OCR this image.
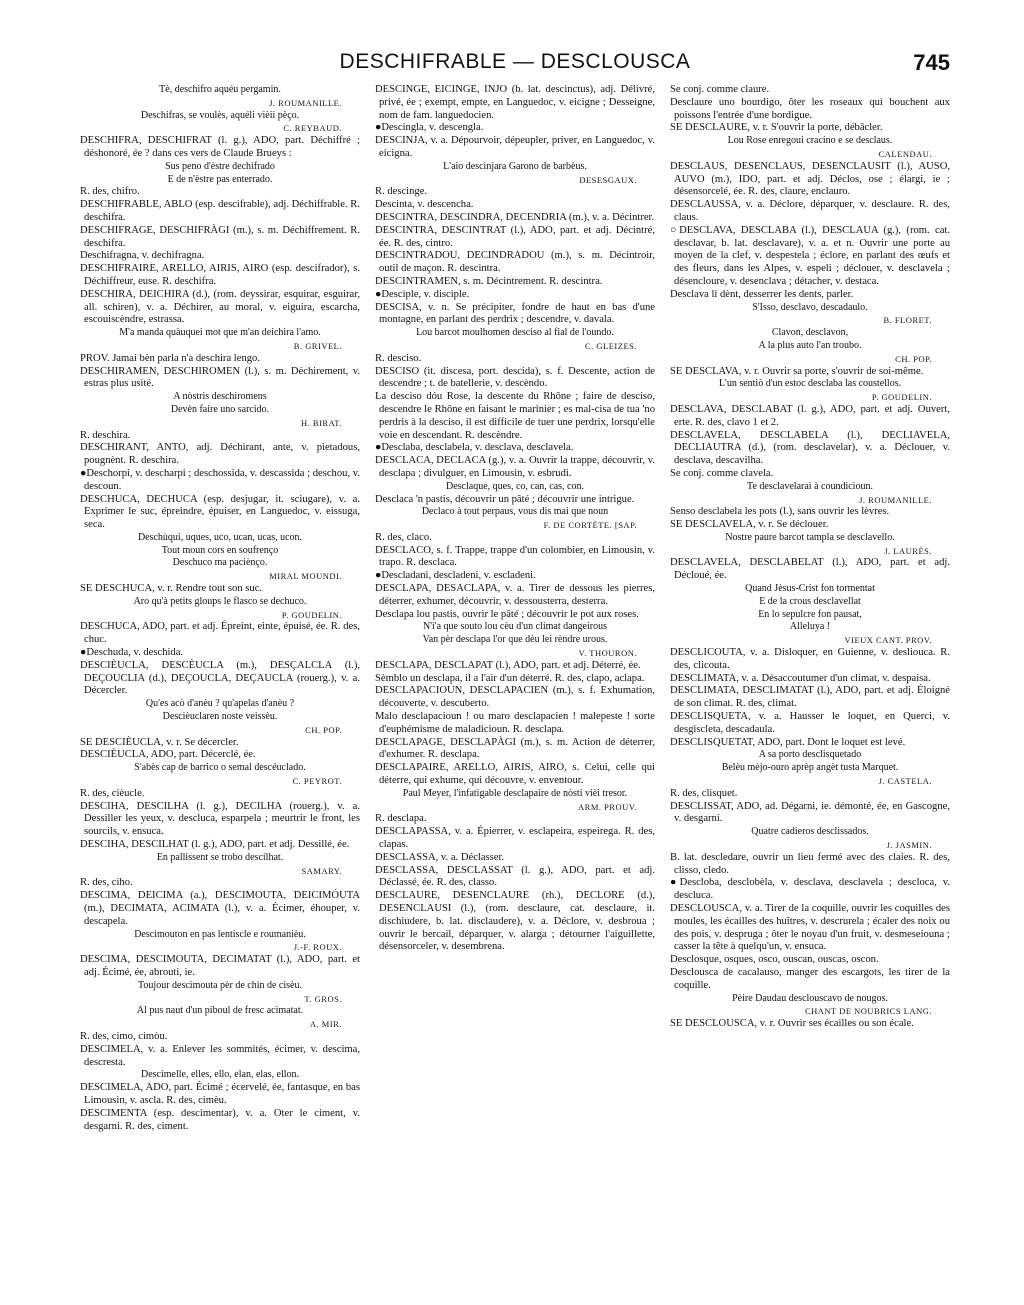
DESCHIFRABLE — DESCLOUSCA	745

Tè, deschifro aquéu pergamin.

J. ROUMANILLE.

Deschifras, se voulès, aquéli vièii pèço.

C. REYBAUD.

DESCHIFRA, DESCHIFRAT (l. g.), ADO, part. Déchiffré ; déshonoré, ée ? dans ces vers de Claude Brueys :

Sus peno d'èstre dechifrado

E de n'èstre pas enterrado.

R. des, chifro.

DESCHIFRABLE, ABLO (esp. descifrable), adj. Déchiffrable. R. deschifra.

DESCHIFRAGE, DESCHIFRÀGI (m.), s. m. Déchiffrement. R. deschifra.

Deschifragna, v. dechifragna.

DESCHIFRAIRE, ARELLO, AIRIS, AIRO (esp. descifrador), s. Déchiffreur, euse. R. deschifra.

DESCHIRA, DEICHIRA (d.), (rom. deyssirar, esquirar, esguirar, all. schiren), v. a. Déchirer, au moral, v. eiguira, escarcha, escouiscèndre, estrassa.

M'a manda quàuquei mot que m'an deichira l'amo.

B. GRIVEL.

PROV. Jamai bèn parla n'a deschira lengo.

DESCHIRAMEN, DESCHIROMEN (l.), s. m. Déchirement, v. estras plus usité.

A nòstris deschiromens

Devèn faire uno sarcido.

H. BIRAT.

R. deschira.

DESCHIRANT, ANTO, adj. Déchirant, ante, v. pietadous, pougnènt. R. deschira.

●Deschorpi, v. descharpi ; deschossida, v. descassida ; deschou, v. descoun.

DESCHUCA, DECHUCA (esp. desjugar, it. sciugare), v. a. Exprimer le suc, épreindre, épuiser, en Languedoc, v. eissuga, seca.

Deschùqui, uques, uco, ucan, ucas, ucon.

Tout moun cors en soufrenço

Deschuco ma paciènço.

MIRAL MOUNDI.

SE DESCHUCA, v. r. Rendre tout son suc.

Aro qu'à petits gloups le flasco se dechuco.

P. GOUDELIN.

DESCHUCA, ADO, part. et adj. Épreint, einte, épuisé, ée. R. des, chuc.

●Deschuda, v. deschida.

DESCIÈUCLA, DESCÈUCLA (m.), DESÇALCLA (l.), DEÇOUCLIA (d.), DEÇOUCLA, DEÇAUCLA (rouerg.), v. a. Décercler.

Qu'es acò d'anèu ? qu'apelas d'anèu ?

Descièuclaren noste veissèu.

CH. POP.

SE DESCIÈUCLA, v. r. Se décercler.

DESCIÈUCLA, ADO, part. Décerclé, ée.

S'abès cap de barrico o semal descéuclado.

C. PEYROT.

R. des, cièucle.

DESCIHA, DESCILHA (l. g.), DECILHA (rouerg.), v. a. Dessiller les yeux, v. descluca, esparpela ; meurtrir le front, les sourcils, v. ensuca.

DESCIHA, DESCILHAT (l. g.), ADO, part. et adj. Dessillé, ée.

En pallissent se trobo descilhat.

SAMARY.

R. des, ciho.

DESCIMA, DEICIMA (a.), DESCIMOUTA, DEICIMÓUTA (m.), DECIMATA, ACIMATA (l.), v. a. Écimer, éhouper, v. descapela.

Descimouton en pas lentiscle e roumanièu.

J.-F. ROUX.

DESCIMA, DESCIMOUTA, DECIMATAT (l.), ADO, part. et adj. Écimé, ée, abrouti, ie.

Toujour descimouta pèr de chin de cisèu.

T. GROS.

Al pus naut d'un piboul de fresc acimatat.

A. MIR.

R. des, cimo, cimòu.

DESCIMELA, v. a. Enlever les sommités, écimer, v. descima, descresta.

Descimelle, elles, ello, elan, elas, ellon.

DESCIMELA, ADO, part. Écimé ; écervelé, ée, fantasque, en bas Limousin, v. ascla. R. des, cimèu.

DESCIMENTA (esp. descimentar), v. a. Oter le ciment, v. desgarni. R. des, ciment.

DESCINGE, EICINGE, INJO (b. lat. descinctus), adj. Délivré, privé, ée ; exempt, empte, en Languedoc, v. eicigne ; Desseigne, nom de fam. languedocien.

●Descingla, v. descengla.

DESCINJA, v. a. Dépourvoir, dépeupler, priver, en Languedoc, v. eicigna.

L'aio descinjara Garono de barbèus.

DESESGAUX.

R. descinge.

Descinta, v. descencha.

DESCINTRA, DESCINDRA, DECENDRIA (m.), v. a. Décintrer.

DESCINTRA, DESCINTRAT (l.), ADO, part. et adj. Décintré, ée. R. des, cintro.

DESCINTRADOU, DECINDRADOU (m.), s. m. Décintroir, outil de maçon. R. descintra.

DESCINTRAMEN, s. m. Décintrement. R. descintra.

●Desciple, v. disciple.

DESCISA, v. n. Se précipiter, fondre de haut en bas d'une montagne, en parlant des perdrix ; descendre, v. davala.

Lou barcot moulhomen desciso al fial de l'oundo.

C. GLEIZES.

R. desciso.

DESCISO (it. discesa, port. descida), s. f. Descente, action de descendre ; t. de batellerie, v. descèndo.

La desciso dóu Rose, la descente du Rhône ; faire de desciso, descendre le Rhône en faisant le marinier ; es mal-cisa de tua 'no perdris à la desciso, il est difficile de tuer une perdrix, lorsqu'elle voie en descendant. R. descèndre.

●Desclaba, desclabela, v. desclava, desclavela.

DESCLACA, DECLACA (g.), v. a. Ouvrir la trappe, découvrir, v. desclapa ; divulguer, en Limousin, v. esbrudi.

Desclaque, ques, co, can, cas, con.

Desclaca 'n pastis, découvrir un pâté ; découvrir une intrigue.

Declaco à tout perpaus, vous dis mai que noun

F. DE CORTÈTE. [SAP.

R. des, claco.

DESCLACO, s. f. Trappe, trappe d'un colombier, en Limousin, v. trapo. R. desclaca.

●Descladani, descladeni, v. escladeni.

DESCLAPA, DESACLAPA, v. a. Tirer de dessous les pierres, déterrer, exhumer, découvrir, v. dessousterra, desterra.

Desclapa lou pastis, ouvrir le pâté ; découvrir le pot aux roses.

N'i'a que souto lou cèu d'un climat dangeirous

Van pèr desclapa l'or que dèu lei rèndre urous.

V. THOURON.

DESCLAPA, DESCLAPAT (l.), ADO, part. et adj. Déterré, ée.

Sèmblo un desclapa, il a l'air d'un déterré. R. des, clapo, aclapa.

DESCLAPACIOUN, DESCLAPACIEN (m.), s. f. Exhumation, découverte, v. descuberto.

Malo desclapacioun ! ou maro desclapacien ! malepeste ! sorte d'euphémisme de maladicioun. R. desclapa.

DESCLAPAGE, DESCLAPÀGI (m.), s. m. Action de déterrer, d'exhumer. R. desclapa.

DESCLAPAIRE, ARELLO, AIRIS, AIRO, s. Celui, celle qui déterre, qui exhume, qui découvre, v. enventour.

Paul Meyer, l'infatigable desclapaire de nòsti vièi tresor.

ARM. PROUV.

R. desclapa.

DESCLAPASSA, v. a. Épierrer, v. esclapeira, espeirega. R. des, clapas.

DESCLASSA, v. a. Déclasser.

DESCLASSA, DESCLASSAT (l. g.), ADO, part. et adj. Déclassé, ée. R. des, classo.

DESCLAURE, DESENCLAURE (rh.), DECLORE (d.), DESENCLAUSI (l.), (rom. desclaure, cat. desclaure, it. dischiudere, b. lat. disclaudere), v. a. Déclore, v. desbroua ; ouvrir le bercail, déparquer, v. alarga ; détourner l'aiguillette, désensorceler, v. desembrena.

Se conj. comme claure.

Desclaure uno bourdigo, ôter les roseaux qui bouchent aux poissons l'entrée d'une bordigue.

SE DESCLAURE, v. r. S'ouvrir la porte, débâcler.

Lou Rose enregoui cracino e se desclaus.

CALENDAU.

DESCLAUS, DESENCLAUS, DESENCLAUSIT (l.), AUSO, AUVO (m.), IDO, part. et adj. Déclos, ose ; élargi, ie ; désensorcelé, ée. R. des, claure, enclauro.

DESCLAUSSA, v. a. Déclore, déparquer, v. desclaure. R. des, claus.

○DESCLAVA, DESCLABA (l.), DESCLAUA (g.), (rom. cat. desclavar, b. lat. desclavare), v. a. et n. Ouvrir une porte au moyen de la clef, v. despestela ; éclore, en parlant des œufs et des fleurs, dans les Alpes, v. espeli ; déclouer, v. desclavela ; désencloure, v. desenclava ; détacher, v. destaca.

Desclava li dènt, desserrer les dents, parler.

S'Isso, desclavo, descadaulo.

B. FLORET.

Clavon, desclavon,

A la plus auto l'an troubo.

CH. POP.

SE DESCLAVA, v. r. Ouvrir sa porte, s'ouvrir de soi-même.

L'un sentiò d'un estoc desclaba las coustellos.

P. GOUDELIN.

DESCLAVA, DESCLABAT (l. g.), ADO, part. et adj. Ouvert, erte. R. des, clavo 1 et 2.

DESCLAVELA, DESCLABELA (l.), DECLIAVELA, DECLIAUTRA (d.), (rom. desclavelar), v. a. Déclouer, v. desclava, descavilha.

Se conj. comme clavela.

Te desclavelarai à coundicioun.

J. ROUMANILLE.

Senso desclabela les pots (l.), sans ouvrir les lèvres.

SE DESCLAVELA, v. r. Se déclouer.

Nostre paure barcot tampla se desclavello.

J. LAURÈS.

DESCLAVELA, DESCLABELAT (l.), ADO, part. et adj. Décloué, ée.

Quand Jèsus-Crist fon tormentat

E de la crous desclavellat

En lo sepulcre fon pausat,

Alleluya !

VIEUX CANT. PROV.

DESCLICOUTA, v. a. Disloquer, en Guienne, v. desliouca. R. des, clicouta.

DESCLIMATA, v. a. Désaccoutumer d'un climat, v. despaisa.

DESCLIMATA, DESCLIMATAT (l.), ADO, part. et adj. Éloigné de son climat. R. des, climat.

DESCLISQUETA, v. a. Hausser le loquet, en Querci, v. desgiscleta, descadaula.

DESCLISQUETAT, ADO, part. Dont le loquet est levé.

A sa porto desclisquetado

Belèu mèjo-ouro aprèp angèt tusta Marquet.

J. CASTELA.

R. des, clisquet.

DESCLISSAT, ADO, ad. Dégarni, ie. démonté, ée, en Gascogne, v. desgarni.

Quatre cadieros desclissados.

J. JASMIN.

B. lat. descledare, ouvrir un lieu fermé avec des claies. R. des, clisso, cledo.

●Descloba, desclobèla, v. desclava, desclavela ; descloca, v. descluca.

DESCLOUSCA, v. a. Tirer de la coquille, ouvrir les coquilles des moules, les écailles des huîtres, v. descrurela ; écaler des noix ou des pois, v. despruga ; ôter le noyau d'un fruit, v. desmeseiouna ; casser la tête à quelqu'un, v. ensuca.

Desclosque, osques, osco, ouscan, ouscas, oscon.

Desclousca de cacalauso, manger des escargots, les tirer de la coquille.

Pèire Daudau desclouscavo de nougos.

CHANT DE NOUBRICS LANG.

SE DESCLOUSCA, v. r. Ouvrir ses écailles ou son écale.
